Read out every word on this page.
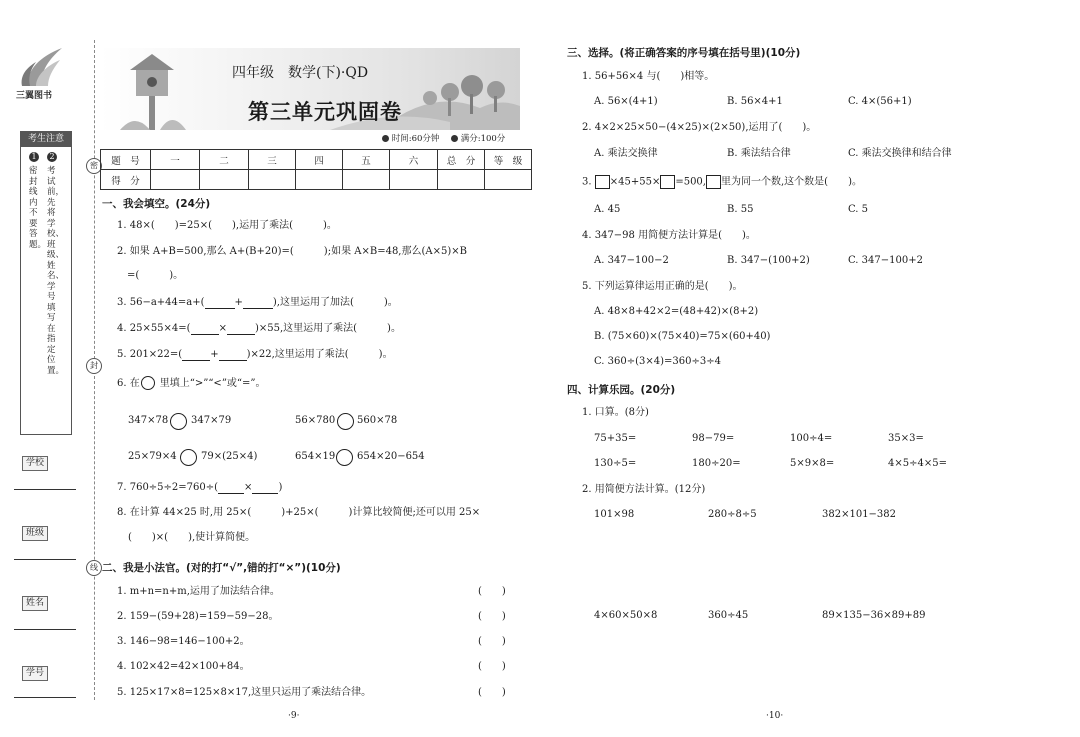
三翼图书
考生注意
1	2
密封线内不要答题。
考试前，先将学校、班级、姓名、学号填写在指定位置。
学校
班级
姓名
学号
密
封
线
四年级　数学(下)·QD
第三单元巩固卷
时间:60分钟	满分:100分
题　号	一	二	三	四	五	六	总　分	等　级
得　分								
一、我会填空。(24分)
1. 48×(　　)=25×(　　),运用了乘法(　　　)。
2. 如果 A+B=500,那么 A+(B+20)=(　　　);如果 A×B=48,那么(A×5)×B
=(　　　)。
3. 56−a+44=a+(	+	),这里运用了加法(　　　)。
4. 25×55×4=(	×	)×55,这里运用了乘法(　　　)。
5. 201×22=(	+	)×22,这里运用了乘法(　　　)。
6. 在　　里填上“>”“<”或“=”。
347×78 347×79	56×780 560×78
25×79×4 79×(25×4)	654×19 654×20−654
7. 760÷5÷2=760÷(	×	)
8. 在计算 44×25 时,用 25×(　　　)+25×(　　　)计算比较简便;还可以用 25×
(　　)×(　　),使计算简便。
二、我是小法官。(对的打“√”,错的打“×”)(10分)
1. m+n=n+m,运用了加法结合律。	(　　)
2. 159−(59+28)=159−59−28。	(　　)
3. 146−98=146−100+2。	(　　)
4. 102×42=42×100+84。	(　　)
5. 125×17×8=125×8×17,这里只运用了乘法结合律。	(　　)
·9·
三、选择。(将正确答案的序号填在括号里)(10分)
1. 56+56×4 与(　　)相等。
A. 56×(4+1)	B. 56×4+1	C. 4×(56+1)
2. 4×2×25×50−(4×25)×(2×50),运用了(　　)。
A. 乘法交换律	B. 乘法结合律	C. 乘法交换律和结合律
3. ×45+55× =500, 里为同一个数,这个数是(　　)。
A. 45	B. 55	C. 5
4. 347−98 用简便方法计算是(　　)。
A. 347−100−2	B. 347−(100+2)	C. 347−100+2
5. 下列运算律运用正确的是(　　)。
A. 48×8+42×2=(48+42)×(8+2)
B. (75×60)×(75×40)=75×(60+40)
C. 360÷(3×4)=360÷3÷4
四、计算乐园。(20分)
1. 口算。(8分)
75+35=	98−79=	100÷4=	35×3=
130÷5=	180÷20=	5×9×8=	4×5÷4×5=
2. 用简便方法计算。(12分)
101×98	280÷8÷5	382×101−382
4×60×50×8	360÷45	89×135−36×89+89
·10·
